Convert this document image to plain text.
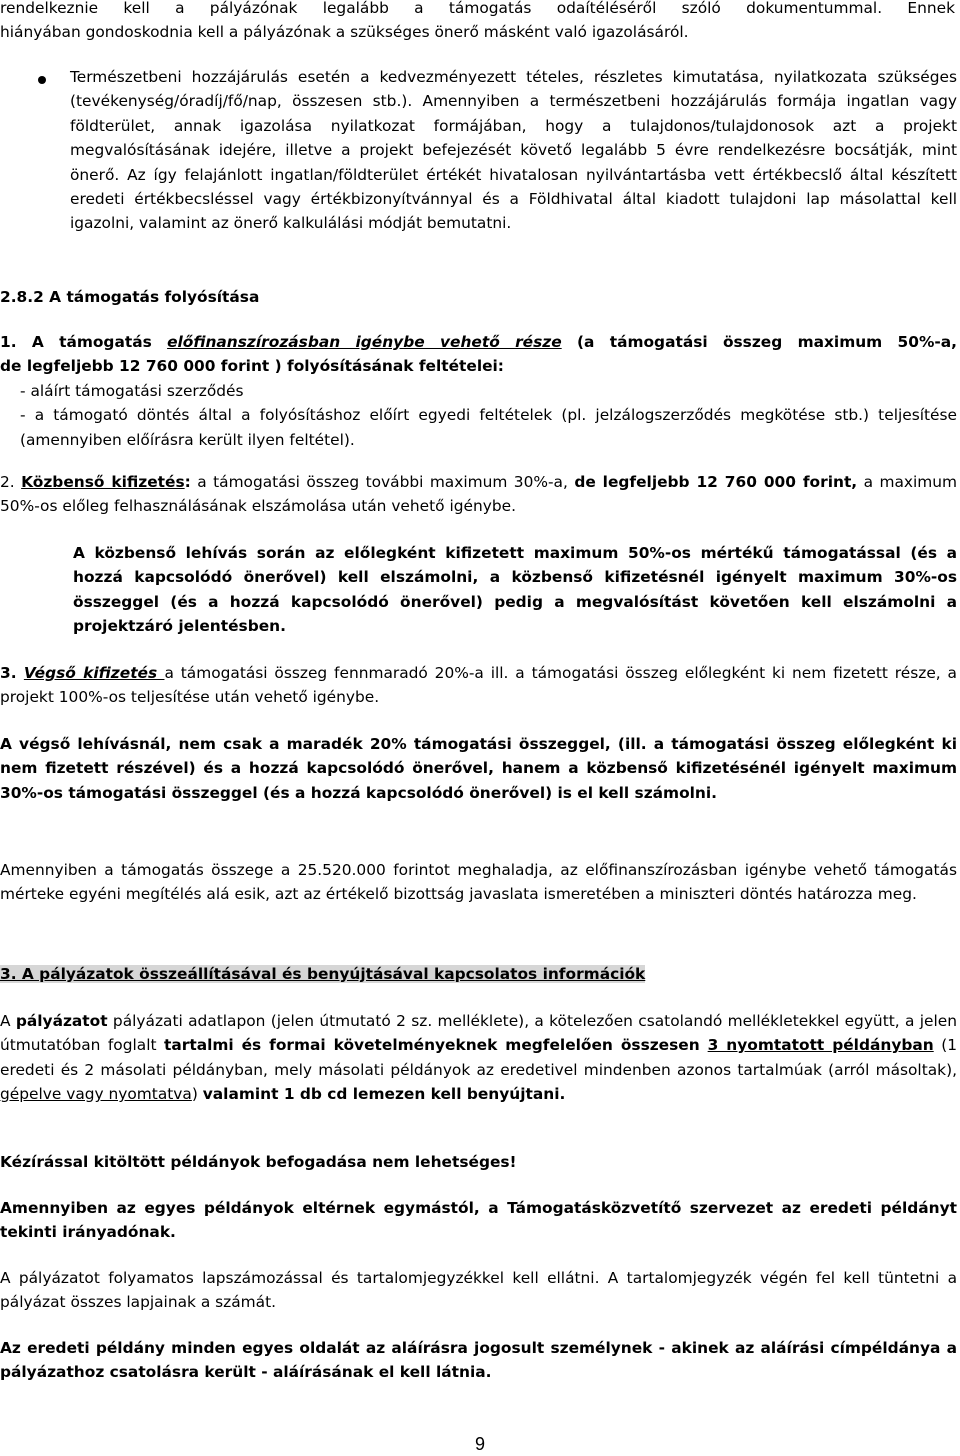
rendelkeznie kell a pályázónak legalább a támogatás odaítéléséről szóló dokumentummal. Ennek

hiányában gondoskodnia kell a pályázónak a szükséges önerő másként való igazolásáról.

Természetbeni hozzájárulás esetén a kedvezményezett tételes, részletes kimutatása, nyilatkozata szükséges (tevékenység/óradíj/fő/nap, összesen stb.). Amennyiben a természetbeni hozzájárulás formája ingatlan vagy földterület, annak igazolása nyilatkozat formájában, hogy a tulajdonos/tulajdonosok azt a projekt megvalósításának idejére, illetve a projekt befejezését követő legalább 5 évre rendelkezésre bocsátják, mint önerő. Az így felajánlott ingatlan/földterület értékét hivatalosan nyilvántartásba vett értékbecslő által készített eredeti értékbecsléssel vagy értékbizonyítvánnyal és a Földhivatal által kiadott tulajdoni lap másolattal kell igazolni, valamint az önerő kalkulálási módját bemutatni.
2.8.2 A támogatás folyósítása

1. A támogatás előfinanszírozásban igénybe vehető része (a támogatási összeg maximum 50%-a,

de legfeljebb 12 760 000 forint ) folyósításának feltételei:

- aláírt támogatási szerződés

- a támogató döntés által a folyósításhoz előírt egyedi feltételek (pl. jelzálogszerződés megkötése stb.) teljesítése (amennyiben előírásra került ilyen feltétel).

2. Közbenső kifizetés: a támogatási összeg további maximum 30%-a, de legfeljebb 12 760 000 forint, a maximum 50%-os előleg felhasználásának elszámolása után vehető igénybe.
A közbenső lehívás során az előlegként kifizetett maximum 50%-os mértékű támogatással (és a hozzá kapcsolódó önerővel) kell elszámolni, a közbenső kifizetésnél igényelt maximum 30%-os összeggel (és a hozzá kapcsolódó önerővel) pedig a megvalósítást követően kell elszámolni a projektzáró jelentésben.
3. Végső kifizetés a támogatási összeg fennmaradó 20%-a ill. a támogatási összeg előlegként ki nem fizetett része, a projekt 100%-os teljesítése után vehető igénybe.
A végső lehívásnál, nem csak a maradék 20% támogatási összeggel, (ill. a támogatási összeg előlegként ki nem fizetett részével) és a hozzá kapcsolódó önerővel, hanem a közbenső kifizetésénél igényelt maximum 30%-os támogatási összeggel (és a hozzá kapcsolódó önerővel) is el kell számolni.
Amennyiben a támogatás összege a 25.520.000 forintot meghaladja, az előfinanszírozásban igénybe vehető támogatás mérteke egyéni megítélés alá esik, azt az értékelő bizottság javaslata ismeretében a miniszteri döntés határozza meg.
3. A pályázatok összeállításával és benyújtásával kapcsolatos információk
A pályázatot pályázati adatlapon (jelen útmutató 2 sz. melléklete), a kötelezően csatolandó mellékletekkel együtt, a jelen útmutatóban foglalt tartalmi és formai követelményeknek megfelelően összesen 3 nyomtatott példányban (1 eredeti és 2 másolati példányban, mely másolati példányok az eredetivel mindenben azonos tartalmúak (arról másoltak), gépelve vagy nyomtatva) valamint 1 db cd lemezen kell benyújtani.
Kézírással kitöltött példányok befogadása nem lehetséges!
Amennyiben az egyes példányok eltérnek egymástól, a Támogatásközvetítő szervezet az eredeti példányt tekinti irányadónak.
A pályázatot folyamatos lapszámozással és tartalomjegyzékkel kell ellátni. A tartalomjegyzék végén fel kell tüntetni a pályázat összes lapjainak a számát.
Az eredeti példány minden egyes oldalát az aláírásra jogosult személynek - akinek az aláírási címpéldánya a pályázathoz csatolásra került - aláírásának el kell látnia.
9
